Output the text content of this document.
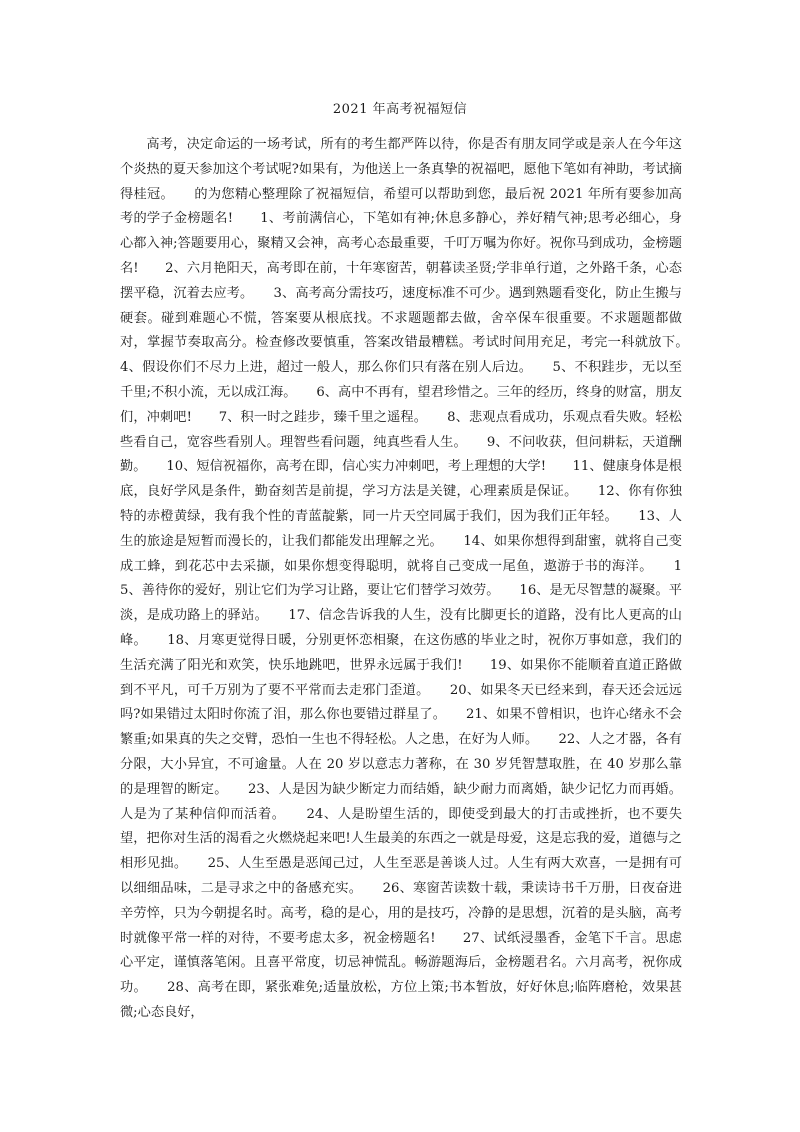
2021 年高考祝福短信

高考，决定命运的一场考试，所有的考生都严阵以待，你是否有朋友同学或是亲人在今年这个炎热的夏天参加这个考试呢?如果有，为他送上一条真挚的祝福吧，愿他下笔如有神助，考试摘得桂冠。　　的为您精心整理除了祝福短信，希望可以帮助到您，最后祝 2021 年所有要参加高考的学子金榜题名!　　1、考前满信心，下笔如有神;休息多静心，养好精气神;思考必细心，身心都入神;答题要用心，聚精又会神，高考心态最重要，千叮万嘱为你好。祝你马到成功，金榜题名!　　2、六月艳阳天，高考即在前，十年寒窗苦，朝暮读圣贤;学非单行道，之外路千条，心态摆平稳，沉着去应考。　　3、高考高分需技巧，速度标准不可少。遇到熟题看变化，防止生搬与硬套。碰到难题心不慌，答案要从根底找。不求题题都去做，舍卒保车很重要。不求题题都做对，掌握节奏取高分。检查修改要慎重，答案改错最糟糕。考试时间用充足，考完一科就放下。　　4、假设你们不尽力上进，超过一般人，那么你们只有落在别人后边。　　5、不积跬步，无以至千里;不积小流，无以成江海。　　6、高中不再有，望君珍惜之。三年的经历，终身的财富，朋友们，冲刺吧!　　7、积一时之跬步，臻千里之遥程。　　8、悲观点看成功，乐观点看失败。轻松些看自己，宽容些看别人。理智些看问题，纯真些看人生。　　9、不问收获，但问耕耘，天道酬勤。　　10、短信祝福你，高考在即，信心实力冲刺吧，考上理想的大学!　　11、健康身体是根底，良好学风是条件，勤奋刻苦是前提，学习方法是关键，心理素质是保证。　　12、你有你独特的赤橙黄绿，我有我个性的青蓝靛紫，同一片天空同属于我们，因为我们正年轻。　　13、人生的旅途是短暂而漫长的，让我们都能发出理解之光。　　14、如果你想得到甜蜜，就将自己变成工蜂，到花芯中去采撷，如果你想变得聪明，就将自己变成一尾鱼，遨游于书的海洋。　　15、善待你的爱好，别让它们为学习让路，要让它们替学习效劳。　　16、是无尽智慧的凝聚。平淡，是成功路上的驿站。　　17、信念告诉我的人生，没有比脚更长的道路，没有比人更高的山峰。　　18、月寒更觉得日暖，分别更怀恋相聚，在这伤感的毕业之时，祝你万事如意，我们的生活充满了阳光和欢笑，快乐地跳吧，世界永远属于我们!　　19、如果你不能顺着直道正路做到不平凡，可千万别为了要不平常而去走邪门歪道。　　20、如果冬天已经来到，春天还会远远吗?如果错过太阳时你流了泪，那么你也要错过群星了。　　21、如果不曾相识，也许心绪永不会繁重;如果真的失之交臂，恐怕一生也不得轻松。人之患，在好为人师。　　22、人之才器，各有分限，大小异宜，不可逾量。人在 20 岁以意志力著称，在 30 岁凭智慧取胜，在 40 岁那么靠的是理智的断定。　　23、人是因为缺少断定力而结婚，缺少耐力而离婚，缺少记忆力而再婚。人是为了某种信仰而活着。　　24、人是盼望生活的，即使受到最大的打击或挫折，也不要失望，把你对生活的渴看之火燃烧起来吧!人生最美的东西之一就是母爱，这是忘我的爱，道德与之相形见拙。　　25、人生至愚是恶闻己过，人生至恶是善谈人过。人生有两大欢喜，一是拥有可以细细品味，二是寻求之中的备感充实。　　26、寒窗苦读数十载，秉读诗书千万册，日夜奋进辛劳悴，只为今朝提名时。高考，稳的是心，用的是技巧，冷静的是思想，沉着的是头脑，高考时就像平常一样的对待，不要考虑太多，祝金榜题名!　　27、试纸浸墨香，金笔下千言。思虑心平定，谨慎落笔闲。且喜平常度，切忌神慌乱。畅游题海后，金榜题君名。六月高考，祝你成功。　　28、高考在即，紧张难免;适量放松，方位上策;书本暂放，好好休息;临阵磨枪，效果甚微;心态良好，
